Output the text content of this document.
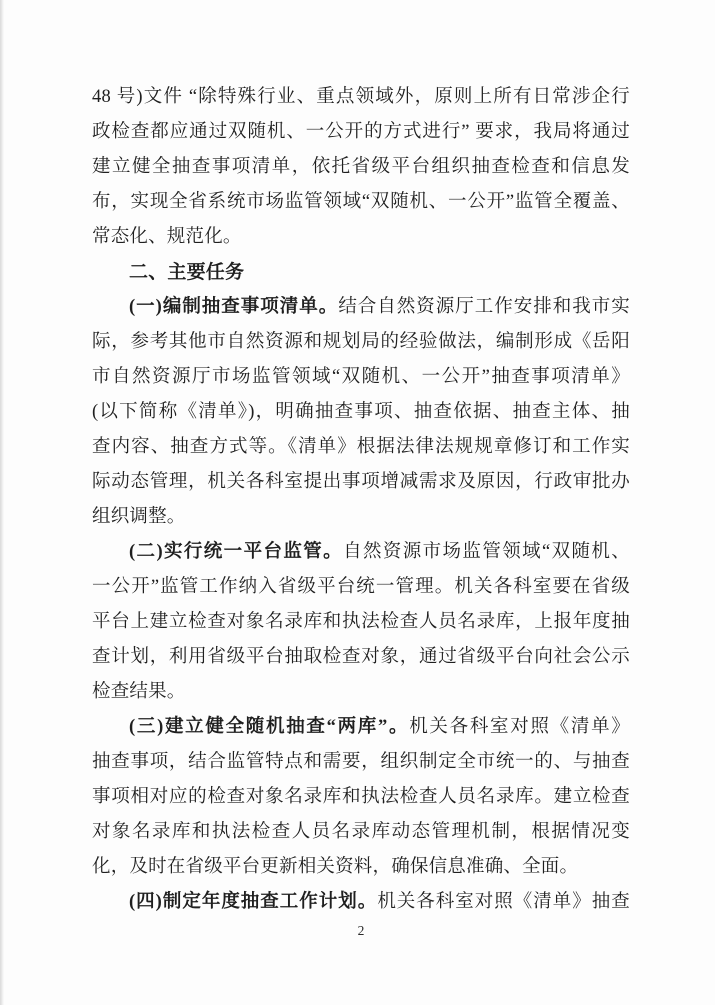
48 号)文件 “除特殊行业、重点领域外，原则上所有日常涉企行
政检查都应通过双随机、一公开的方式进行” 要求，我局将通过
建立健全抽查事项清单，依托省级平台组织抽查检查和信息发
布，实现全省系统市场监管领域“双随机、一公开”监管全覆盖、
常态化、规范化。
二、主要任务
(一)编制抽查事项清单。结合自然资源厅工作安排和我市实
际，参考其他市自然资源和规划局的经验做法，编制形成《岳阳
市自然资源厅市场监管领域“双随机、一公开”抽查事项清单》
(以下简称《清单》)，明确抽查事项、抽查依据、抽查主体、抽
查内容、抽查方式等。《清单》根据法律法规规章修订和工作实
际动态管理，机关各科室提出事项增减需求及原因，行政审批办
组织调整。
(二)实行统一平台监管。自然资源市场监管领域“双随机、
一公开”监管工作纳入省级平台统一管理。机关各科室要在省级
平台上建立检查对象名录库和执法检查人员名录库，上报年度抽
查计划，利用省级平台抽取检查对象，通过省级平台向社会公示
检查结果。
(三)建立健全随机抽查“两库”。机关各科室对照《清单》
抽查事项，结合监管特点和需要，组织制定全市统一的、与抽查
事项相对应的检查对象名录库和执法检查人员名录库。建立检查
对象名录库和执法检查人员名录库动态管理机制，根据情况变
化，及时在省级平台更新相关资料，确保信息准确、全面。
(四)制定年度抽查工作计划。机关各科室对照《清单》抽查
2
